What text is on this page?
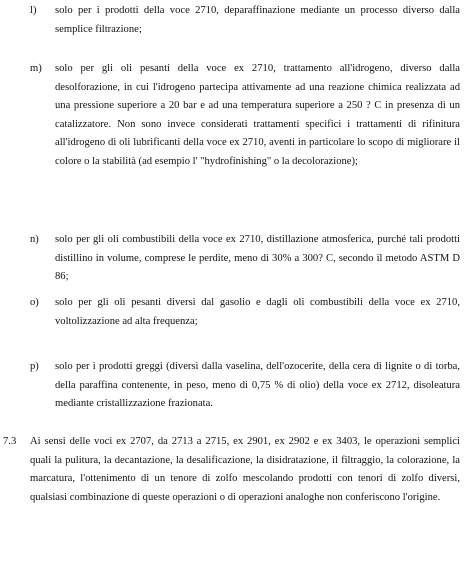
l) solo per i prodotti della voce 2710, deparaffinazione mediante un processo diverso dalla semplice filtrazione;
m) solo per gli oli pesanti della voce ex 2710, trattamento all'idrogeno, diverso dalla desolforazione, in cui l'idrogeno partecipa attivamente ad una reazione chimica realizzata ad una pressione superiore a 20 bar e ad una temperatura superiore a 250 ? C in presenza di un catalizzatore. Non sono invece considerati trattamenti specifici i trattamenti di rifinitura all'idrogeno di oli lubrificanti della voce ex 2710, aventi in particolare lo scopo di migliorare il colore o la stabilità (ad esempio l' "hydrofinishing" o la decolorazione);
n) solo per gli oli combustibili della voce ex 2710, distillazione atmosferica, purché tali prodotti distillino in volume, comprese le perdite, meno di 30% a 300? C, secondo il metodo ASTM D 86;
o) solo per gli oli pesanti diversi dal gasolio e dagli oli combustibili della voce ex 2710, voltolizzazione ad alta frequenza;
p) solo per i prodotti greggi (diversi dalla vaselina, dell'ozocerite, della cera di lignite o di torba, della paraffina contenente, in peso, meno di 0,75 % di olio) della voce ex 2712, disoleatura mediante cristallizzazione frazionata.
7.3 Ai sensi delle voci ex 2707, da 2713 a 2715, ex 2901, ex 2902 e ex 3403, le operazioni semplici quali la pulitura, la decantazione, la desalificazione, la disidratazione, il filtraggio, la colorazione, la marcatura, l'ottenimento di un tenore di zolfo mescolando prodotti con tenori di zolfo diversi, qualsiasi combinazione di queste operazioni o di operazioni analoghe non conferiscono l'origine.
